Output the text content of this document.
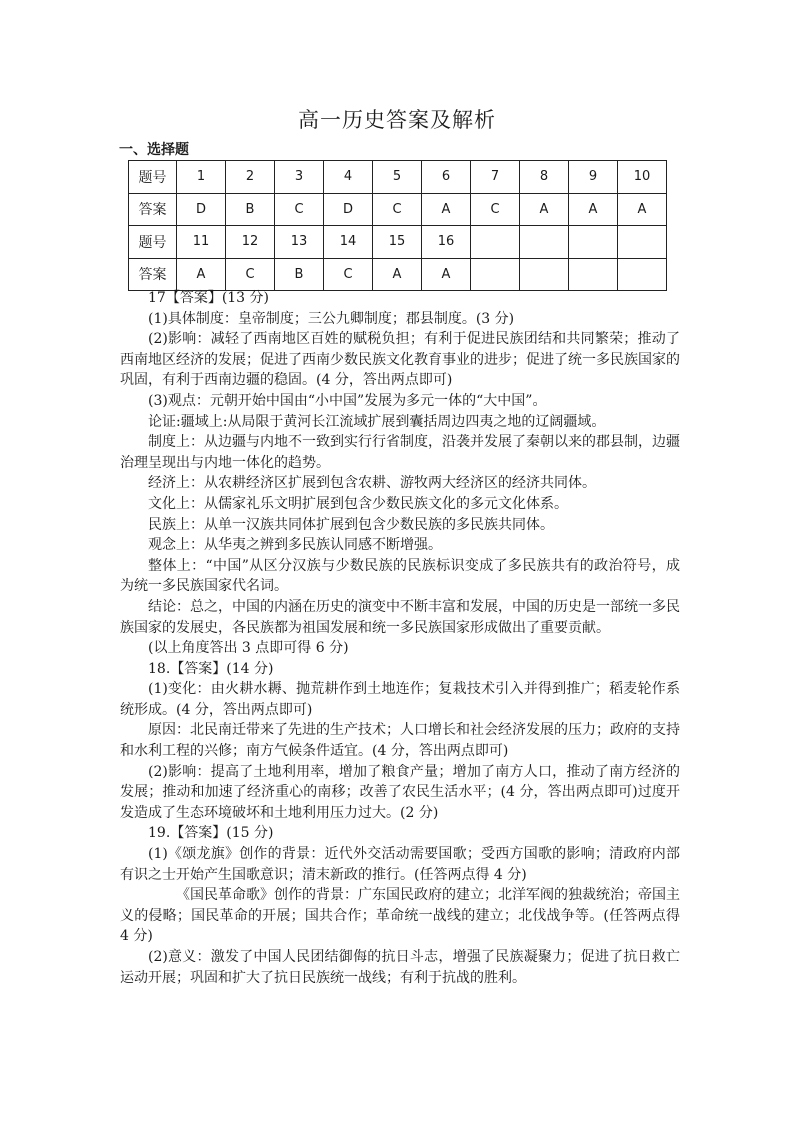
高一历史答案及解析
一、选择题
题号	1	2	3	4	5	6	7	8	9	10
答案	D	B	C	D	C	A	C	A	A	A
题号	11	12	13	14	15	16				
答案	A	C	B	C	A	A				

17【答案】(13 分)

(1)具体制度：皇帝制度；三公九卿制度；郡县制度。(3 分)

(2)影响：减轻了西南地区百姓的赋税负担；有利于促进民族团结和共同繁荣；推动了西南地区经济的发展；促进了西南少数民族文化教育事业的进步；促进了统一多民族国家的巩固，有利于西南边疆的稳固。(4 分，答出两点即可)

(3)观点：元朝开始中国由“小中国”发展为多元一体的“大中国”。

论证:疆域上:从局限于黄河长江流域扩展到囊括周边四夷之地的辽阔疆域。

制度上：从边疆与内地不一致到实行行省制度，沿袭并发展了秦朝以来的郡县制，边疆治理呈现出与内地一体化的趋势。

经济上：从农耕经济区扩展到包含农耕、游牧两大经济区的经济共同体。

文化上：从儒家礼乐文明扩展到包含少数民族文化的多元文化体系。

民族上：从单一汉族共同体扩展到包含少数民族的多民族共同体。

观念上：从华夷之辨到多民族认同感不断增强。

整体上：“中国”从区分汉族与少数民族的民族标识变成了多民族共有的政治符号，成为统一多民族国家代名词。

结论：总之，中国的内涵在历史的演变中不断丰富和发展，中国的历史是一部统一多民族国家的发展史，各民族都为祖国发展和统一多民族国家形成做出了重要贡献。

(以上角度答出 3 点即可得 6 分)

18.【答案】(14 分)

(1)变化：由火耕水耨、抛荒耕作到土地连作；复栽技术引入并得到推广；稻麦轮作系统形成。(4 分，答出两点即可)

原因：北民南迁带来了先进的生产技术；人口增长和社会经济发展的压力；政府的支持和水利工程的兴修；南方气候条件适宜。(4 分，答出两点即可)

(2)影响：提高了土地利用率，增加了粮食产量；增加了南方人口，推动了南方经济的发展；推动和加速了经济重心的南移；改善了农民生活水平；(4 分，答出两点即可)过度开发造成了生态环境破坏和土地利用压力过大。(2 分)

19.【答案】(15 分)

(1)《颂龙旗》创作的背景：近代外交活动需要国歌；受西方国歌的影响；清政府内部有识之士开始产生国歌意识；清末新政的推行。(任答两点得 4 分)

《国民革命歌》创作的背景：广东国民政府的建立；北洋军阀的独裁统治；帝国主义的侵略；国民革命的开展；国共合作；革命统一战线的建立；北伐战争等。(任答两点得 4 分)

(2)意义：激发了中国人民团结御侮的抗日斗志，增强了民族凝聚力；促进了抗日救亡运动开展；巩固和扩大了抗日民族统一战线；有利于抗战的胜利。
